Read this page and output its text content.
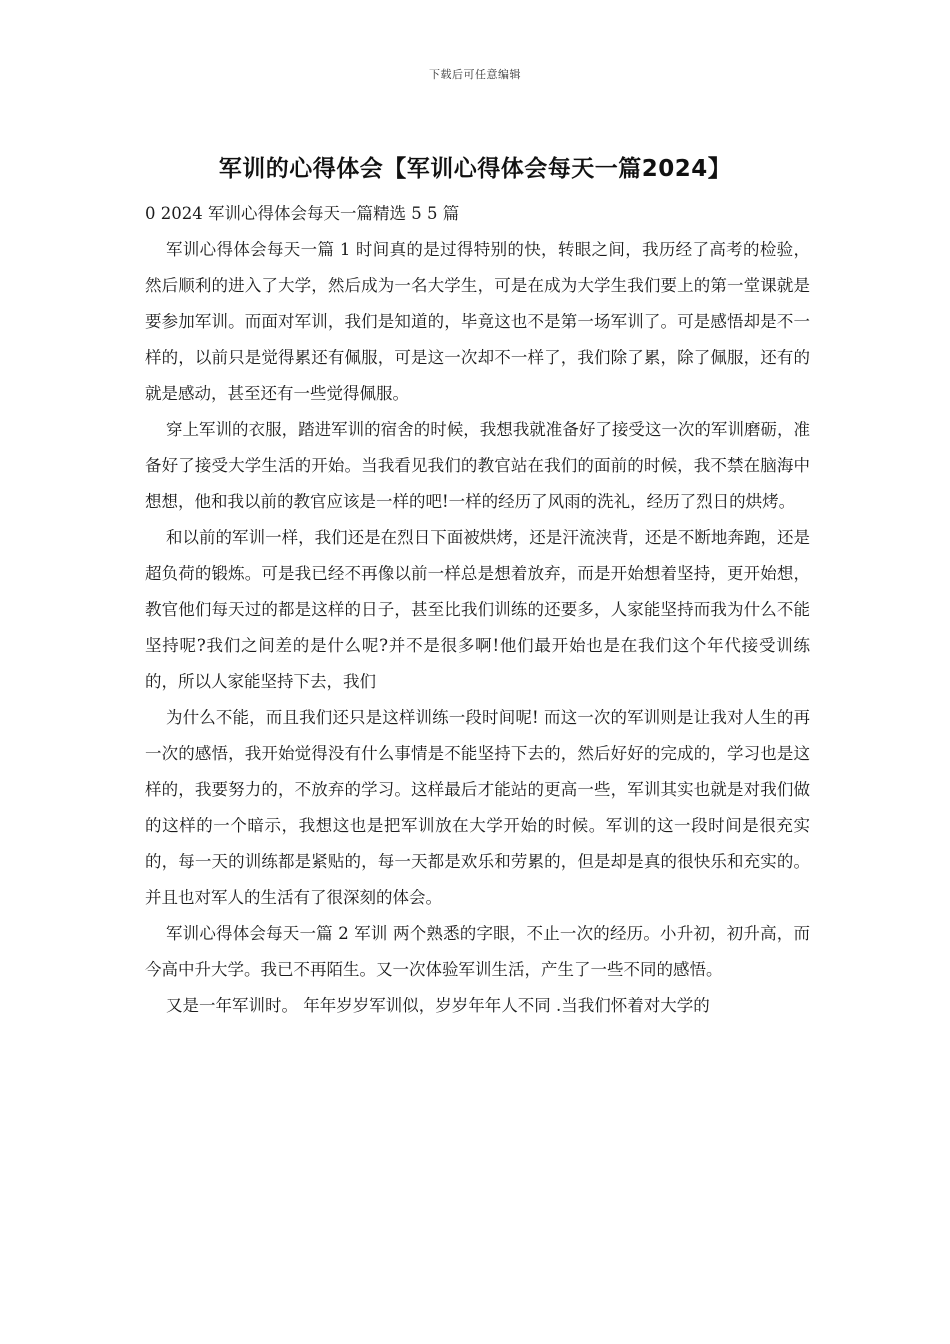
下载后可任意编辑
军训的心得体会【军训心得体会每天一篇2024】

0 2024 军训心得体会每天一篇精选 5 5 篇

军训心得体会每天一篇 1 时间真的是过得特别的快，转眼之间，我历经了高考的检验，然后顺利的进入了大学，然后成为一名大学生，可是在成为大学生我们要上的第一堂课就是要参加军训。而面对军训，我们是知道的，毕竟这也不是第一场军训了。可是感悟却是不一样的，以前只是觉得累还有佩服，可是这一次却不一样了，我们除了累，除了佩服，还有的就是感动，甚至还有一些觉得佩服。

穿上军训的衣服，踏进军训的宿舍的时候，我想我就准备好了接受这一次的军训磨砺，准备好了接受大学生活的开始。当我看见我们的教官站在我们的面前的时候，我不禁在脑海中想想，他和我以前的教官应该是一样的吧!一样的经历了风雨的洗礼，经历了烈日的烘烤。

和以前的军训一样，我们还是在烈日下面被烘烤，还是汗流浃背，还是不断地奔跑，还是超负荷的锻炼。可是我已经不再像以前一样总是想着放弃，而是开始想着坚持，更开始想，教官他们每天过的都是这样的日子，甚至比我们训练的还要多，人家能坚持而我为什么不能坚持呢?我们之间差的是什么呢?并不是很多啊!他们最开始也是在我们这个年代接受训练的，所以人家能坚持下去，我们

为什么不能，而且我们还只是这样训练一段时间呢! 而这一次的军训则是让我对人生的再一次的感悟，我开始觉得没有什么事情是不能坚持下去的，然后好好的完成的，学习也是这样的，我要努力的，不放弃的学习。这样最后才能站的更高一些，军训其实也就是对我们做的这样的一个暗示，我想这也是把军训放在大学开始的时候。军训的这一段时间是很充实的，每一天的训练都是紧贴的，每一天都是欢乐和劳累的，但是却是真的很快乐和充实的。并且也对军人的生活有了很深刻的体会。

军训心得体会每天一篇 2 军训 两个熟悉的字眼，不止一次的经历。小升初，初升高，而今高中升大学。我已不再陌生。又一次体验军训生活，产生了一些不同的感悟。

又是一年军训时。 年年岁岁军训似，岁岁年年人不同 .当我们怀着对大学的
